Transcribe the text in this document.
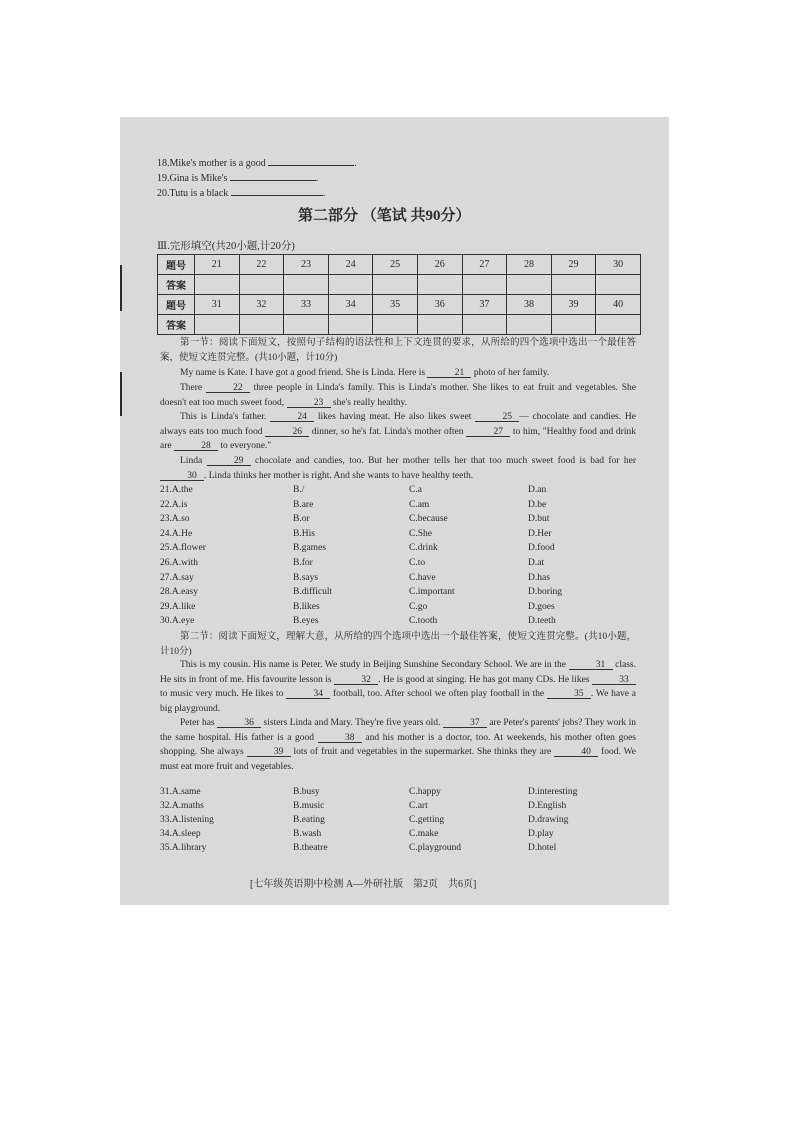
18.Mike's mother is a good	.
19.Gina is Mike's	.
20.Tutu is a black	.
第二部分 （笔试 共90分）
Ⅲ.完形填空(共20小题,计20分)
题号	21	22	23	24	25	26	27	28	29	30
答案										
题号	31	32	33	34	35	36	37	38	39	40
答案										
第一节：阅读下面短文，按照句子结构的语法性和上下文连贯的要求，从所给的四个选项中选出一个最佳答案，使短文连贯完整。(共10小题，计10分)
My name is Kate. I have got a good friend. She is Linda. Here is	21 photo of her family.
There	22 three people in Linda's family. This is Linda's mother. She likes to eat fruit and vegetables. She doesn't eat too much sweet food,	23 she's really healthy.
This is Linda's father.	24 likes having meat. He also likes sweet	25 — chocolate and candies. He always eats too much food	26 dinner, so he's fat. Linda's mother often	27 to him, "Healthy food and drink are	28 to everyone."
Linda	29 chocolate and candies, too. But her mother tells her that too much sweet food is bad for her 30 . Linda thinks her mother is right. And she wants to have healthy teeth.
21.A.the	B./	C.a	D.an
22.A.is	B.are	C.am	D.be
23.A.so	B.or	C.because	D.but
24.A.He	B.His	C.She	D.Her
25.A.flower	B.games	C.drink	D.food
26.A.with	B.for	C.to	D.at
27.A.say	B.says	C.have	D.has
28.A.easy	B.difficult	C.important	D.boring
29.A.like	B.likes	C.go	D.goes
30.A.eye	B.eyes	C.tooth	D.teeth
第二节：阅读下面短文，理解大意，从所给的四个选项中选出一个最佳答案，使短文连贯完整。(共10小题，计10分)
This is my cousin. His name is Peter. We study in Beijing Sunshine Secondary School. We are in the	31 class. He sits in front of me. His favourite lesson is	32 . He is good at singing. He has got many CDs. He likes	33 to music very much. He likes to	34 football, too. After school we often play football in the	35 . We have a big playground.
Peter has	36 sisters Linda and Mary. They're five years old.	37 are Peter's parents' jobs? They work in the same hospital. His father is a good	38 and his mother is a doctor, too. At weekends, his mother often goes shopping. She always	39 lots of fruit and vegetables in the supermarket. She thinks they are	40 food. We must eat more fruit and vegetables.
31.A.same	B.busy	C.happy	D.interesting
32.A.maths	B.music	C.art	D.English
33.A.listening	B.eating	C.getting	D.drawing
34.A.sleep	B.wash	C.make	D.play
35.A.library	B.theatre	C.playground	D.hotel
[七年级英语期中检测 A—外研社版　第2页　共6页]
